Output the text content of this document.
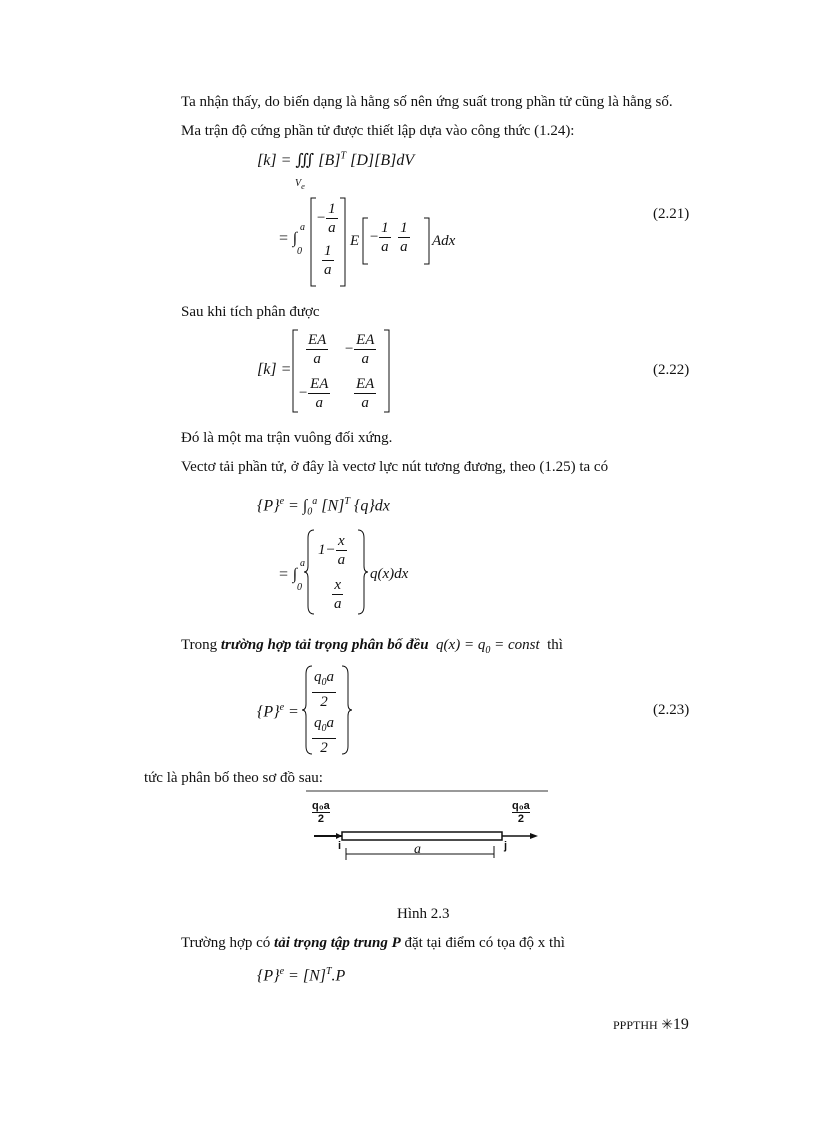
Ta nhận thấy, do biến dạng là hằng số nên ứng suất trong phần tử cũng là hằng số.
Ma trận độ cứng phần tử được thiết lập dựa vào công thức (1.24):
[k] = ∭ $[B]^T$ [D][B]dV
$V_e$
= ∫
a
0
− $\frac{1}{a}$
$\frac{1}{a}$
$E - \frac{1}{a}$
$\frac{1}{a}$ Adx
(2.21)
Sau khi tích phân được
[k] =
$\frac{EA}{a} - \frac{EA}{a}$
− $\frac{EA}{a} \frac{EA}{a}$
(2.22)
Đó là một ma trận vuông đối xứng.
Vectơ tải phần tử, ở đây là vectơ lực nút tương đương, theo (1.25) ta có
$\{P\}^e = \int_0^a$ $[N]^T$ {q}dx
= ∫
a
0
$1- \frac{x}{a}$
$\frac{x}{a}$
q(x)dx
Trong trường hợp tải trọng phân bố đều  $q(x) = q_0$ = const  thì
$\{P\}^e$ =
$\frac{q_0a}{2}$
$\frac{q_0a}{2}$
(2.23)
tức là phân bố theo sơ đồ sau:
q₀a
2
q₀a
2
i	j
a
Hình 2.3
Trường hợp có tải trọng tập trung P đặt tại điểm có tọa độ x thì
$\{P\}^e = [N]^T.P$
PPPTHH ✳19
